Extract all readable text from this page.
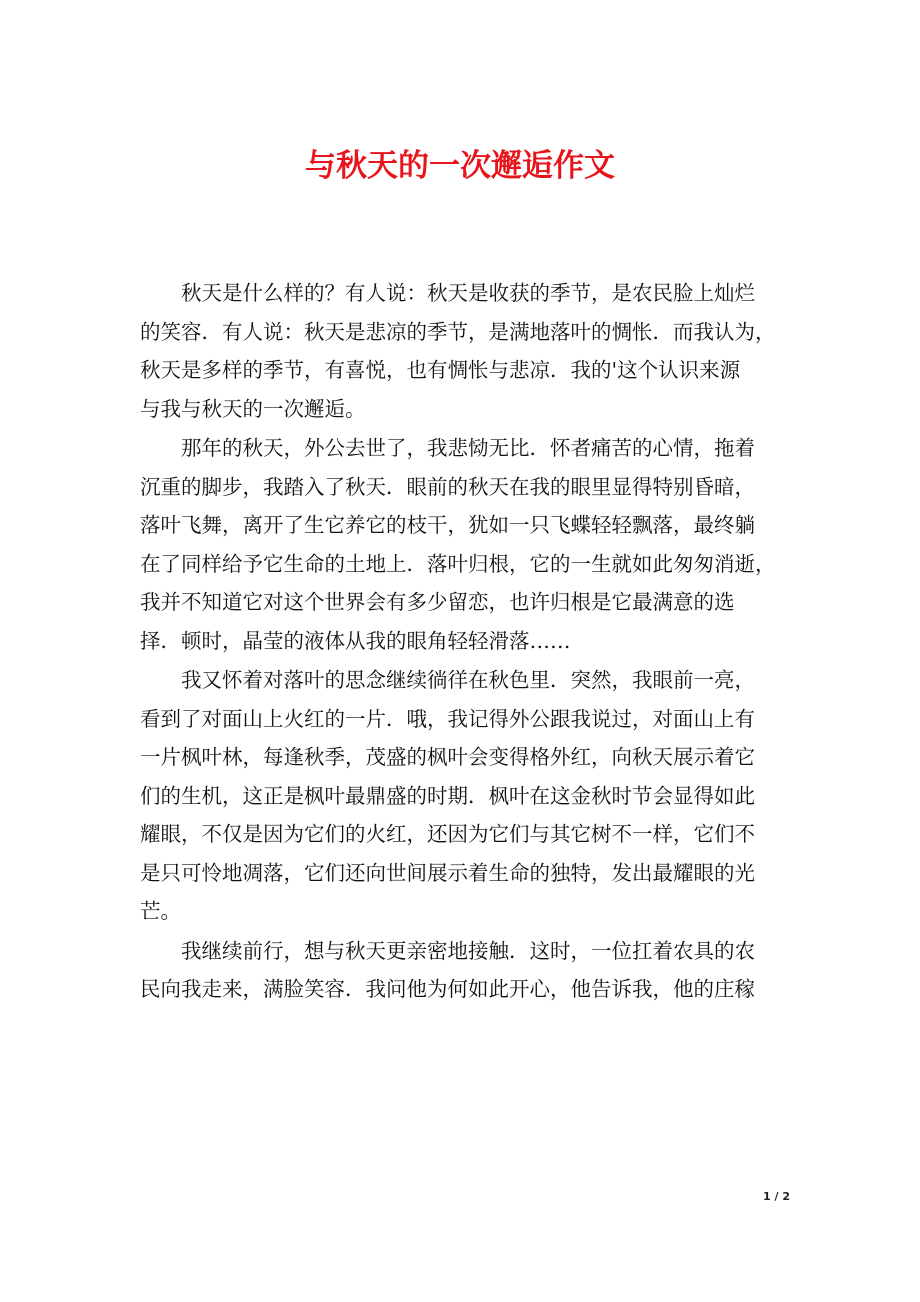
与秋天的一次邂逅作文

秋天是什么样的？有人说：秋天是收获的季节，是农民脸上灿烂
的笑容．有人说：秋天是悲凉的季节，是满地落叶的惆怅．而我认为，
秋天是多样的季节，有喜悦，也有惆怅与悲凉．我的'这个认识来源
与我与秋天的一次邂逅。

那年的秋天，外公去世了，我悲恸无比．怀者痛苦的心情，拖着
沉重的脚步，我踏入了秋天．眼前的秋天在我的眼里显得特别昏暗，
落叶飞舞，离开了生它养它的枝干，犹如一只飞蝶轻轻飘落，最终躺
在了同样给予它生命的土地上．落叶归根，它的一生就如此匆匆消逝，
我并不知道它对这个世界会有多少留恋，也许归根是它最满意的选
择．顿时，晶莹的液体从我的眼角轻轻滑落……

我又怀着对落叶的思念继续徜徉在秋色里．突然，我眼前一亮，
看到了对面山上火红的一片．哦，我记得外公跟我说过，对面山上有
一片枫叶林，每逢秋季，茂盛的枫叶会变得格外红，向秋天展示着它
们的生机，这正是枫叶最鼎盛的时期．枫叶在这金秋时节会显得如此
耀眼，不仅是因为它们的火红，还因为它们与其它树不一样，它们不
是只可怜地凋落，它们还向世间展示着生命的独特，发出最耀眼的光
芒。

我继续前行，想与秋天更亲密地接触．这时，一位扛着农具的农
民向我走来，满脸笑容．我问他为何如此开心，他告诉我，他的庄稼

1 / 2
